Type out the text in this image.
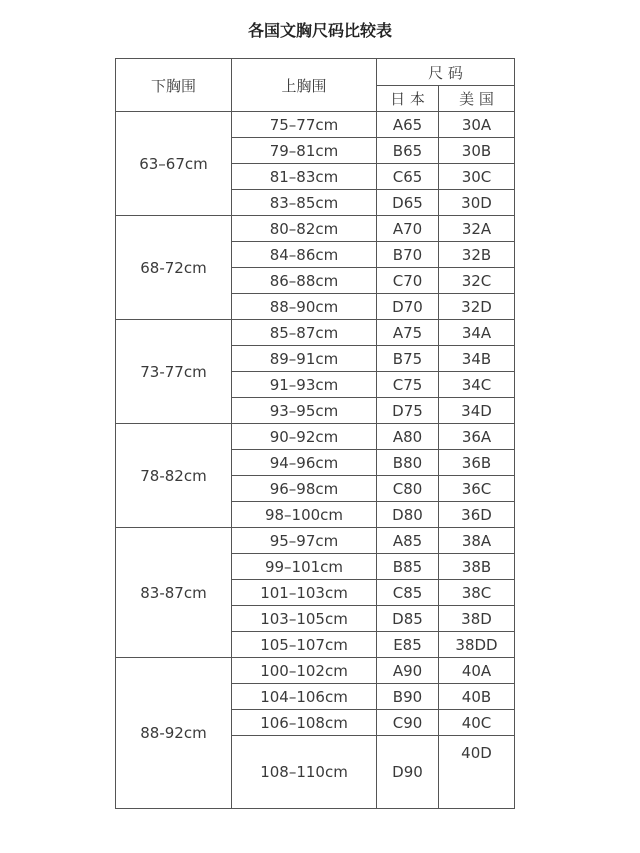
各国文胸尺码比较表
下胸围	上胸围	尺 码	
		日 本	美 国
63–67cm	75–77cm	A65	30A
	79–81cm	B65	30B
	81–83cm	C65	30C
	83–85cm	D65	30D
68-72cm	80–82cm	A70	32A
	84–86cm	B70	32B
	86–88cm	C70	32C
	88–90cm	D70	32D
73-77cm	85–87cm	A75	34A
	89–91cm	B75	34B
	91–93cm	C75	34C
	93–95cm	D75	34D
78-82cm	90–92cm	A80	36A
	94–96cm	B80	36B
	96–98cm	C80	36C
	98–100cm	D80	36D
83-87cm	95–97cm	A85	38A
	99–101cm	B85	38B
	101–103cm	C85	38C
	103–105cm	D85	38D
	105–107cm	E85	38DD
88-92cm	100–102cm	A90	40A
	104–106cm	B90	40B
	106–108cm	C90	40C
	108–110cm	D90	40D
